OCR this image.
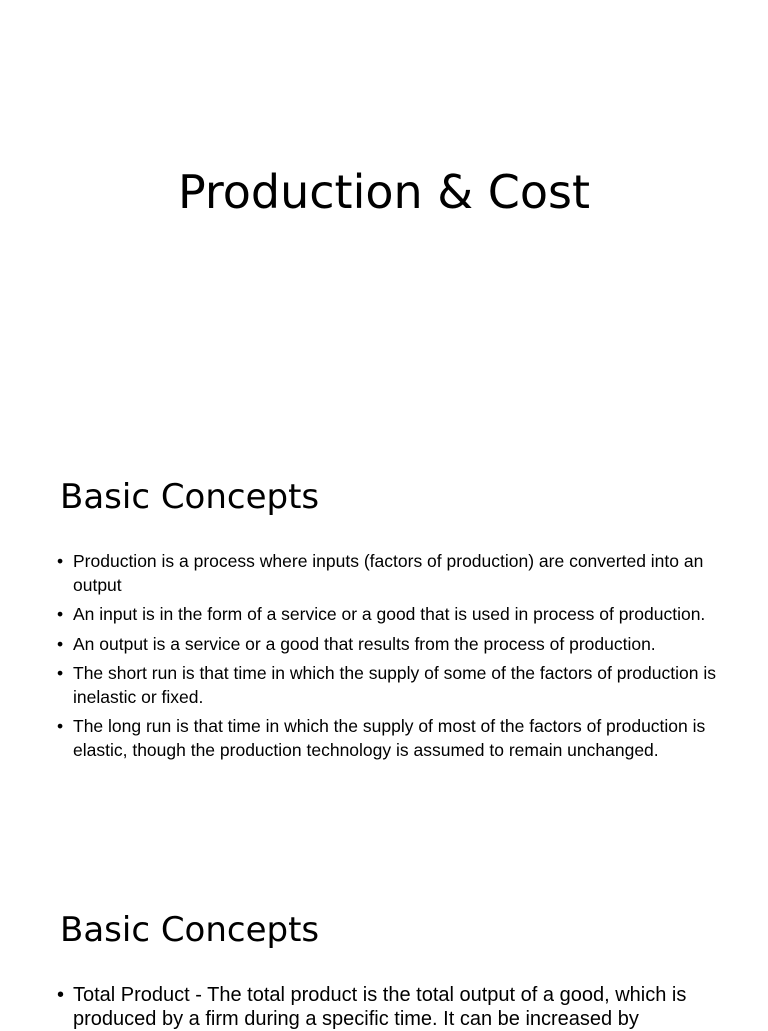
Production & Cost
Basic Concepts
• Production is a process where inputs (factors of production) are converted into an output
• An input is in the form of a service or a good that is used in process of production.
• An output is a service or a good that results from the process of production.
• The short run is that time in which the supply of some of the factors of production is inelastic or fixed.
• The long run is that time in which the supply of most of the factors of production is elastic, though the production technology is assumed to remain unchanged.
Basic Concepts
• Total Product - The total product is the total output of a good, which is produced by a firm during a specific time. It can be increased by
